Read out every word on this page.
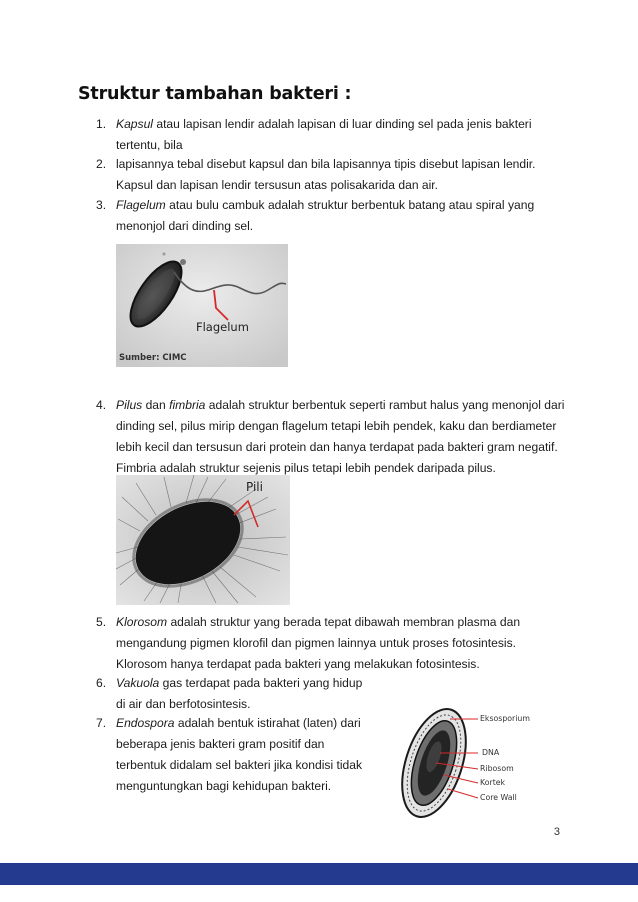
Struktur tambahan bakteri :
1. Kapsul atau lapisan lendir adalah lapisan di luar dinding sel pada jenis bakteri
tertentu, bila
2. lapisannya tebal disebut kapsul dan bila lapisannya tipis disebut lapisan lendir.
Kapsul dan lapisan lendir tersusun atas polisakarida dan air.
3. Flagelum atau bulu cambuk adalah struktur berbentuk batang atau spiral yang
menonjol dari dinding sel.
Flagelum
Sumber: CIMC
4. Pilus dan fimbria adalah struktur berbentuk seperti rambut halus yang menonjol dari
dinding sel, pilus mirip dengan flagelum tetapi lebih pendek, kaku dan berdiameter
lebih kecil dan tersusun dari protein dan hanya terdapat pada bakteri gram negatif.
Fimbria adalah struktur sejenis pilus tetapi lebih pendek daripada pilus.
Pili
5. Klorosom adalah struktur yang berada tepat dibawah membran plasma dan
mengandung pigmen klorofil dan pigmen lainnya untuk proses fotosintesis.
Klorosom hanya terdapat pada bakteri yang melakukan fotosintesis.
6. Vakuola gas terdapat pada bakteri yang hidup
di air dan berfotosintesis.
7. Endospora adalah bentuk istirahat (laten) dari
beberapa jenis bakteri gram positif dan
terbentuk didalam sel bakteri jika kondisi tidak
menguntungkan bagi kehidupan bakteri.
Eksosporium
DNA
Ribosom
Kortek
Core Wall
3
